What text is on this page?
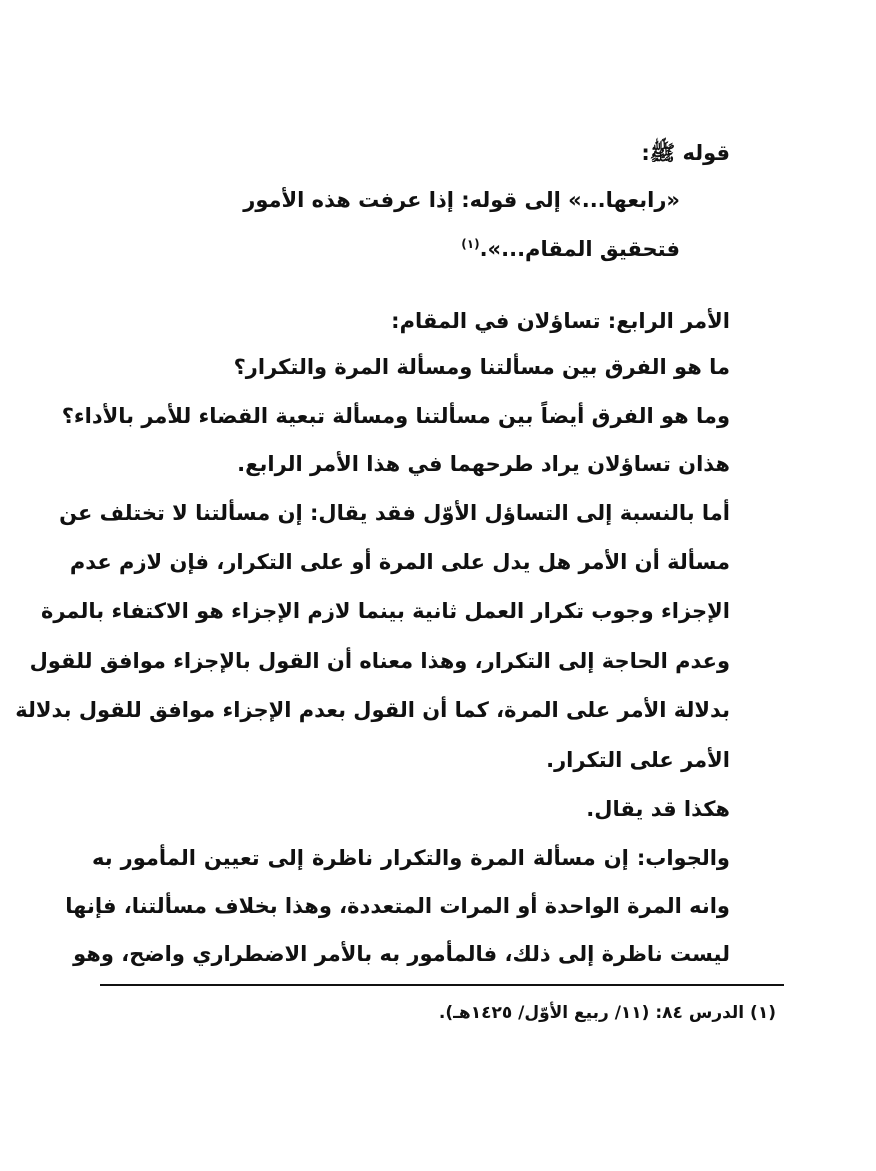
قوله ﷺ:
«رابعها...» إلى قوله: إذا عرفت هذه الأمور
فتحقيق المقام...».$^{(١)}$
الأمر الرابع: تساؤلان في المقام:
ما هو الفرق بين مسألتنا ومسألة المرة والتكرار؟
وما هو الفرق أيضاً بين مسألتنا ومسألة تبعية القضاء للأمر بالأداء؟
هذان تساؤلان يراد طرحهما في هذا الأمر الرابع.
أما بالنسبة إلى التساؤل الأوّل فقد يقال: إن مسألتنا لا تختلف عن
مسألة أن الأمر هل يدل على المرة أو على التكرار، فإن لازم عدم
الإجزاء وجوب تكرار العمل ثانية بينما لازم الإجزاء هو الاكتفاء بالمرة
وعدم الحاجة إلى التكرار، وهذا معناه أن القول بالإجزاء موافق للقول
بدلالة الأمر على المرة، كما أن القول بعدم الإجزاء موافق للقول بدلالة
الأمر على التكرار.
هكذا قد يقال.
والجواب: إن مسألة المرة والتكرار ناظرة إلى تعيين المأمور به
وانه المرة الواحدة أو المرات المتعددة، وهذا بخلاف مسألتنا، فإنها
ليست ناظرة إلى ذلك، فالمأمور به بالأمر الاضطراري واضح، وهو
(١) الدرس ٨٤: (١١/ ربيع الأوّل/ ١٤٢٥هـ).
